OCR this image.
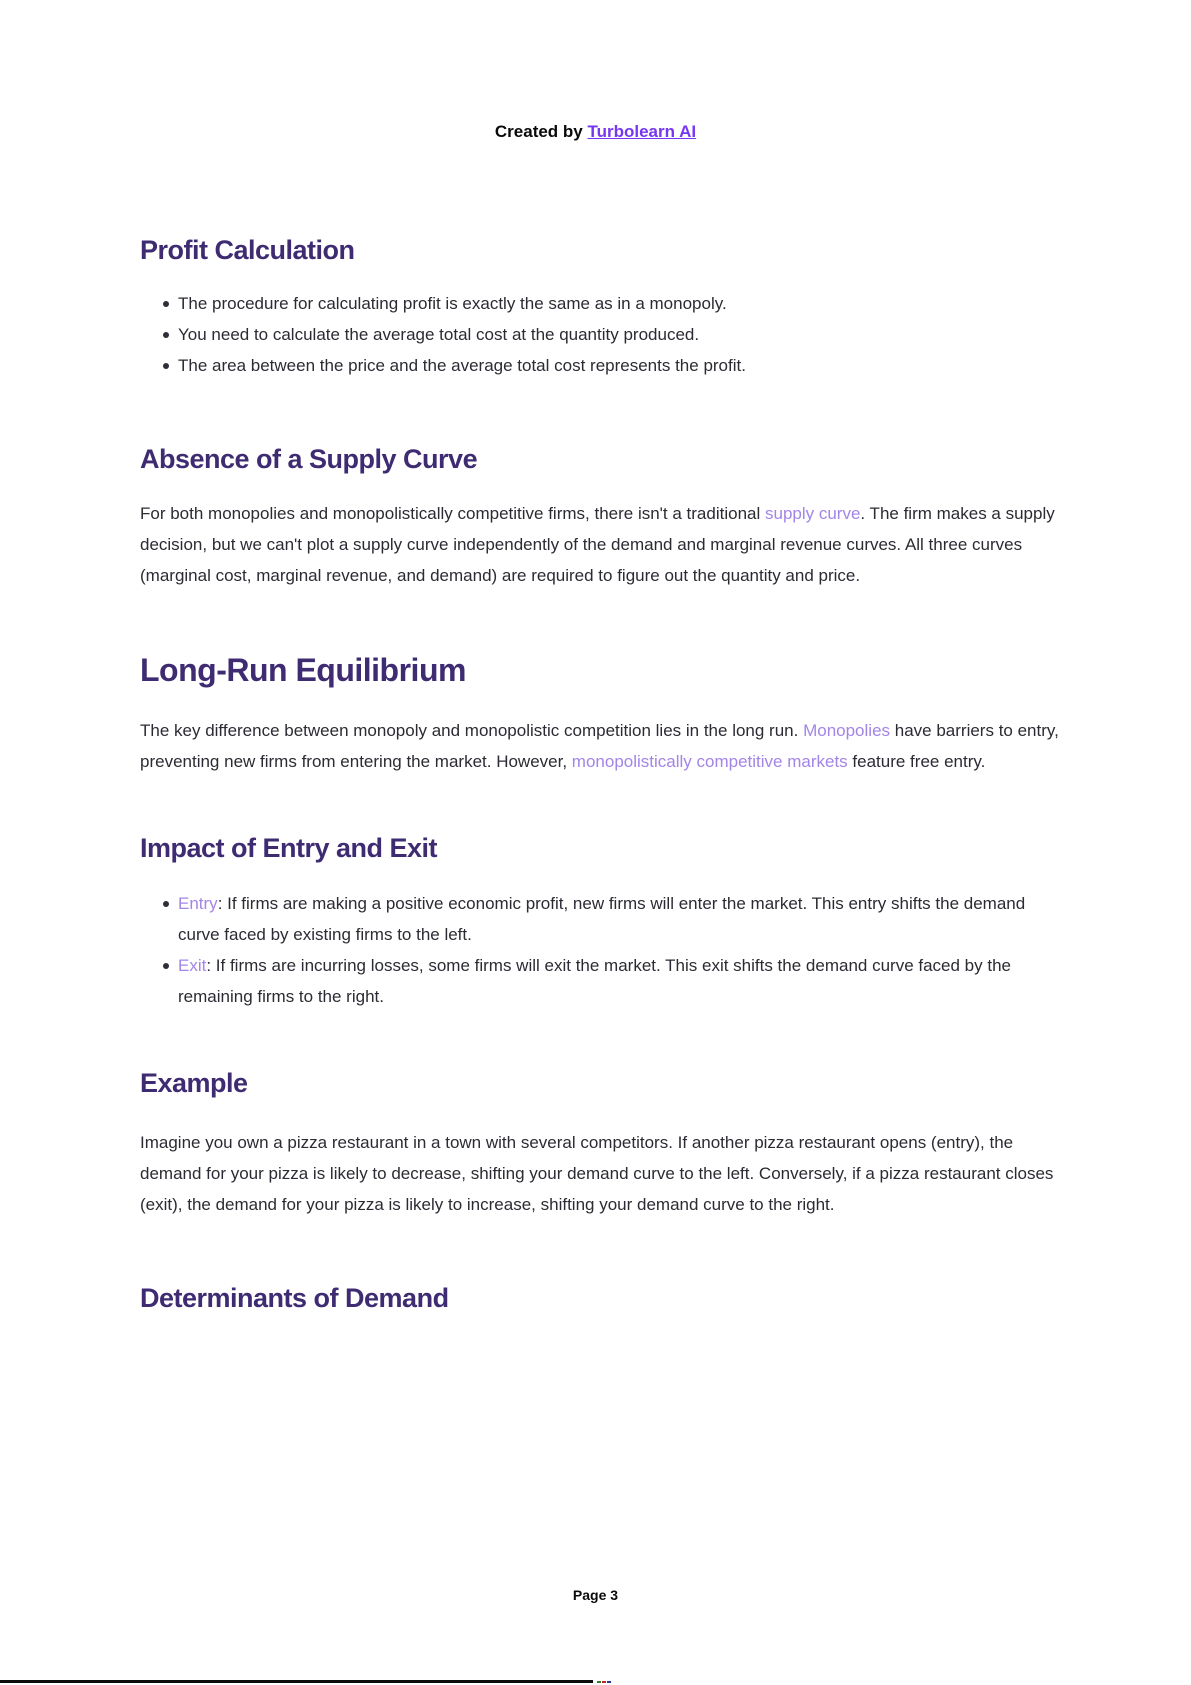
Created by Turbolearn AI
Profit Calculation
The procedure for calculating profit is exactly the same as in a monopoly.
You need to calculate the average total cost at the quantity produced.
The area between the price and the average total cost represents the profit.
Absence of a Supply Curve

For both monopolies and monopolistically competitive firms, there isn't a traditional supply curve. The firm makes a supply decision, but we can't plot a supply curve independently of the demand and marginal revenue curves. All three curves (marginal cost, marginal revenue, and demand) are required to figure out the quantity and price.

Long-Run Equilibrium

The key difference between monopoly and monopolistic competition lies in the long run. Monopolies have barriers to entry, preventing new firms from entering the market. However, monopolistically competitive markets feature free entry.

Impact of Entry and Exit
Entry: If firms are making a positive economic profit, new firms will enter the market. This entry shifts the demand curve faced by existing firms to the left.
Exit: If firms are incurring losses, some firms will exit the market. This exit shifts the demand curve faced by the remaining firms to the right.
Example

Imagine you own a pizza restaurant in a town with several competitors. If another pizza restaurant opens (entry), the demand for your pizza is likely to decrease, shifting your demand curve to the left. Conversely, if a pizza restaurant closes (exit), the demand for your pizza is likely to increase, shifting your demand curve to the right.

Determinants of Demand
Page 3
